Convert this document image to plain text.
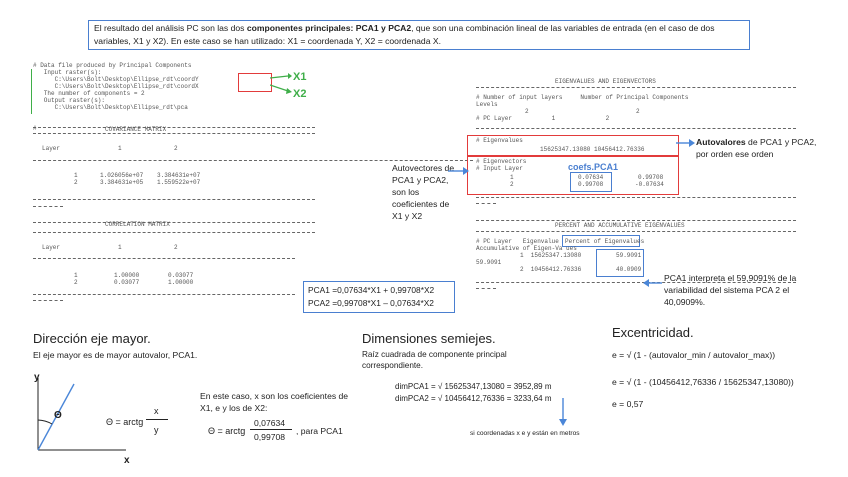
El resultado del análisis PC son las dos componentes principales: PCA1 y PCA2, que son una combinación lineal de las variables de entrada (en el caso de dos variables, X1 y X2). En este caso se han utilizado: X1 = coordenada Y, X2 = coordenada X.
# Data file produced by Principal Components
Input raster(s):
C:\Users\Bolt\Desktop\Ellipse_rdt\coordY
C:\Users\Bolt\Desktop\Ellipse_rdt\coordX
The number of components = 2
Output raster(s):
C:\Users\Bolt\Desktop\Ellipse_rdt\pca
X1
X2
#	COVARIANCE MATRIX
Layer	1	2
1	1.026056e+07 3.384631e+07
2	3.384631e+05 1.559522e+07
CORRELATION MATRIX
Layer	1	2
1	1.00000	0.03077
2	0.03077	1.00000
EIGENVALUES AND EIGENVECTORS
# Number of input layers     Number of Principal Components
Levels
2	2
# PC Layer           1              2
# Eigenvalues
15625347.13080 10456412.76336
# Eigenvectors
# Input Layer	coefs.PCA1
1	0.07634	0.99708
2	0.99708	-0.07634
PERCENT AND ACCUMULATIVE EIGENVALUES
# PC Layer   Eigenvalue Percent of Eigenvalues
Accumulative of Eigen-Va ues
1  15625347.13080	59.9091
59.9091
2  10456412.76336	40.0909
Autovalores de PCA1 y PCA2, por orden ese orden
Autovectores de PCA1 y PCA2, son los coeficientes de X1 y X2
PCA1 =0,07634*X1 + 0,99708*X2
PCA2 =0,99708*X1 – 0,07634*X2
PCA1 interpreta el 59,9091% de la variabilidad del sistema PCA 2 el 40,0909%.
Dirección eje mayor.
El eje mayor es de mayor autovalor, PCA1.
y
x
Θ
Θ = arctg
x
y
En este caso, x son los coeficientes de X1, e y los de X2:
Θ = arctg
0,07634
0,99708
, para PCA1
Dimensiones semiejes.
Raíz cuadrada de componente principal correspondiente.
dimPCA1 = √ 15625347,13080 = 3952,89 m
dimPCA2 = √ 10456412,76336 = 3233,64 m
si coordenadas x e y están en metros
Excentricidad.
e = √ (1 - (autovalor_min / autovalor_max))
e = √ (1 - (10456412,76336 / 15625347,13080))
e = 0,57
